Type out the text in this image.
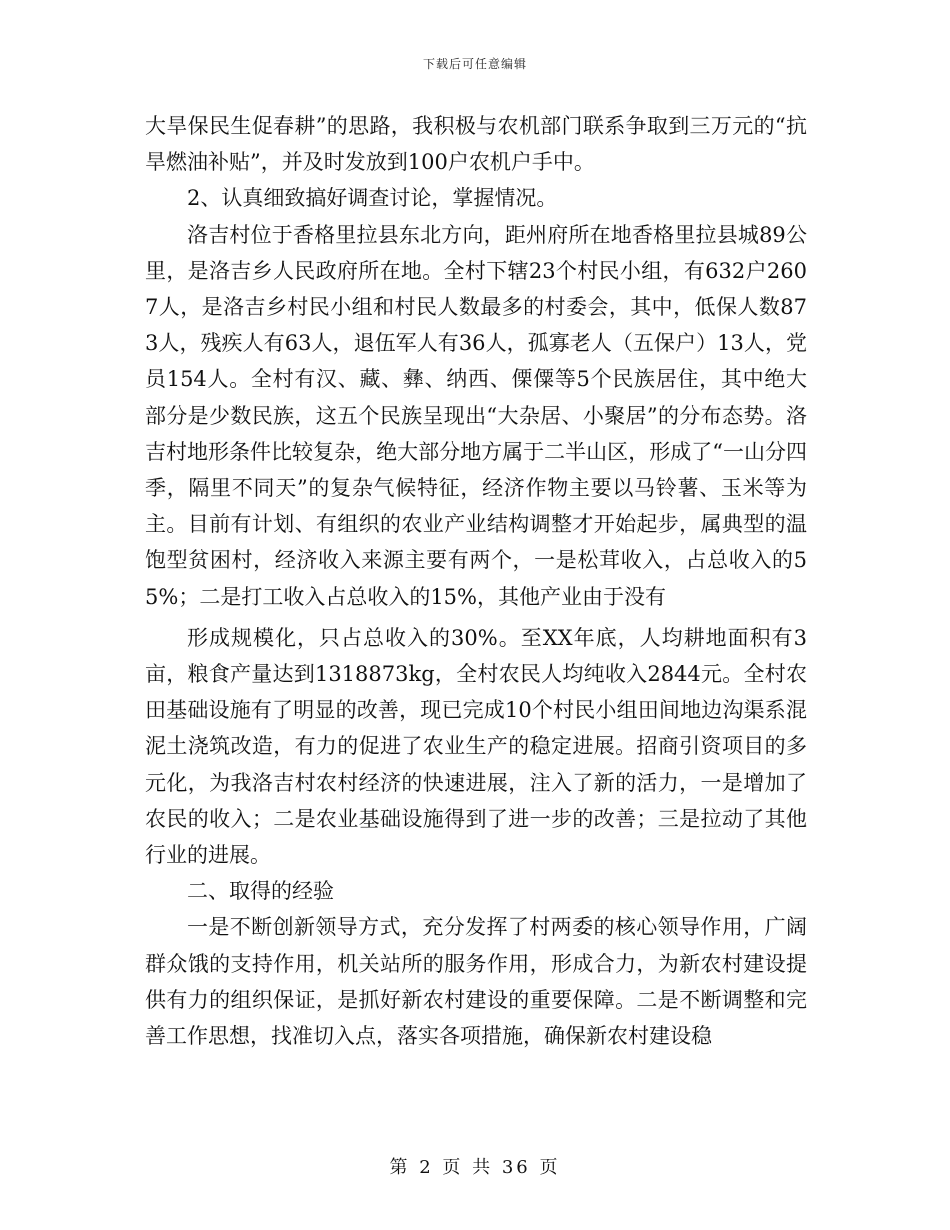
下载后可任意编辑

大旱保民生促春耕”的思路，我积极与农机部门联系争取到三万元的“抗旱燃油补贴”，并及时发放到100户农机户手中。

2、认真细致搞好调查讨论，掌握情况。

洛吉村位于香格里拉县东北方向，距州府所在地香格里拉县城89公里，是洛吉乡人民政府所在地。全村下辖23个村民小组，有632户2607人，是洛吉乡村民小组和村民人数最多的村委会，其中，低保人数873人，残疾人有63人，退伍军人有36人，孤寡老人（五保户）13人，党员154人。全村有汉、藏、彝、纳西、傈僳等5个民族居住，其中绝大部分是少数民族，这五个民族呈现出“大杂居、小聚居”的分布态势。洛吉村地形条件比较复杂，绝大部分地方属于二半山区，形成了“一山分四季，隔里不同天”的复杂气候特征，经济作物主要以马铃薯、玉米等为主。目前有计划、有组织的农业产业结构调整才开始起步，属典型的温饱型贫困村，经济收入来源主要有两个，一是松茸收入，占总收入的55%；二是打工收入占总收入的15%，其他产业由于没有

形成规模化，只占总收入的30%。至XX年底，人均耕地面积有3亩，粮食产量达到1318873kg，全村农民人均纯收入2844元。全村农田基础设施有了明显的改善，现已完成10个村民小组田间地边沟渠系混泥土浇筑改造，有力的促进了农业生产的稳定进展。招商引资项目的多元化，为我洛吉村农村经济的快速进展，注入了新的活力，一是增加了农民的收入；二是农业基础设施得到了进一步的改善；三是拉动了其他行业的进展。

二、取得的经验

一是不断创新领导方式，充分发挥了村两委的核心领导作用，广阔群众饿的支持作用，机关站所的服务作用，形成合力，为新农村建设提供有力的组织保证，是抓好新农村建设的重要保障。二是不断调整和完善工作思想，找准切入点，落实各项措施，确保新农村建设稳

第 2 页 共 36 页
